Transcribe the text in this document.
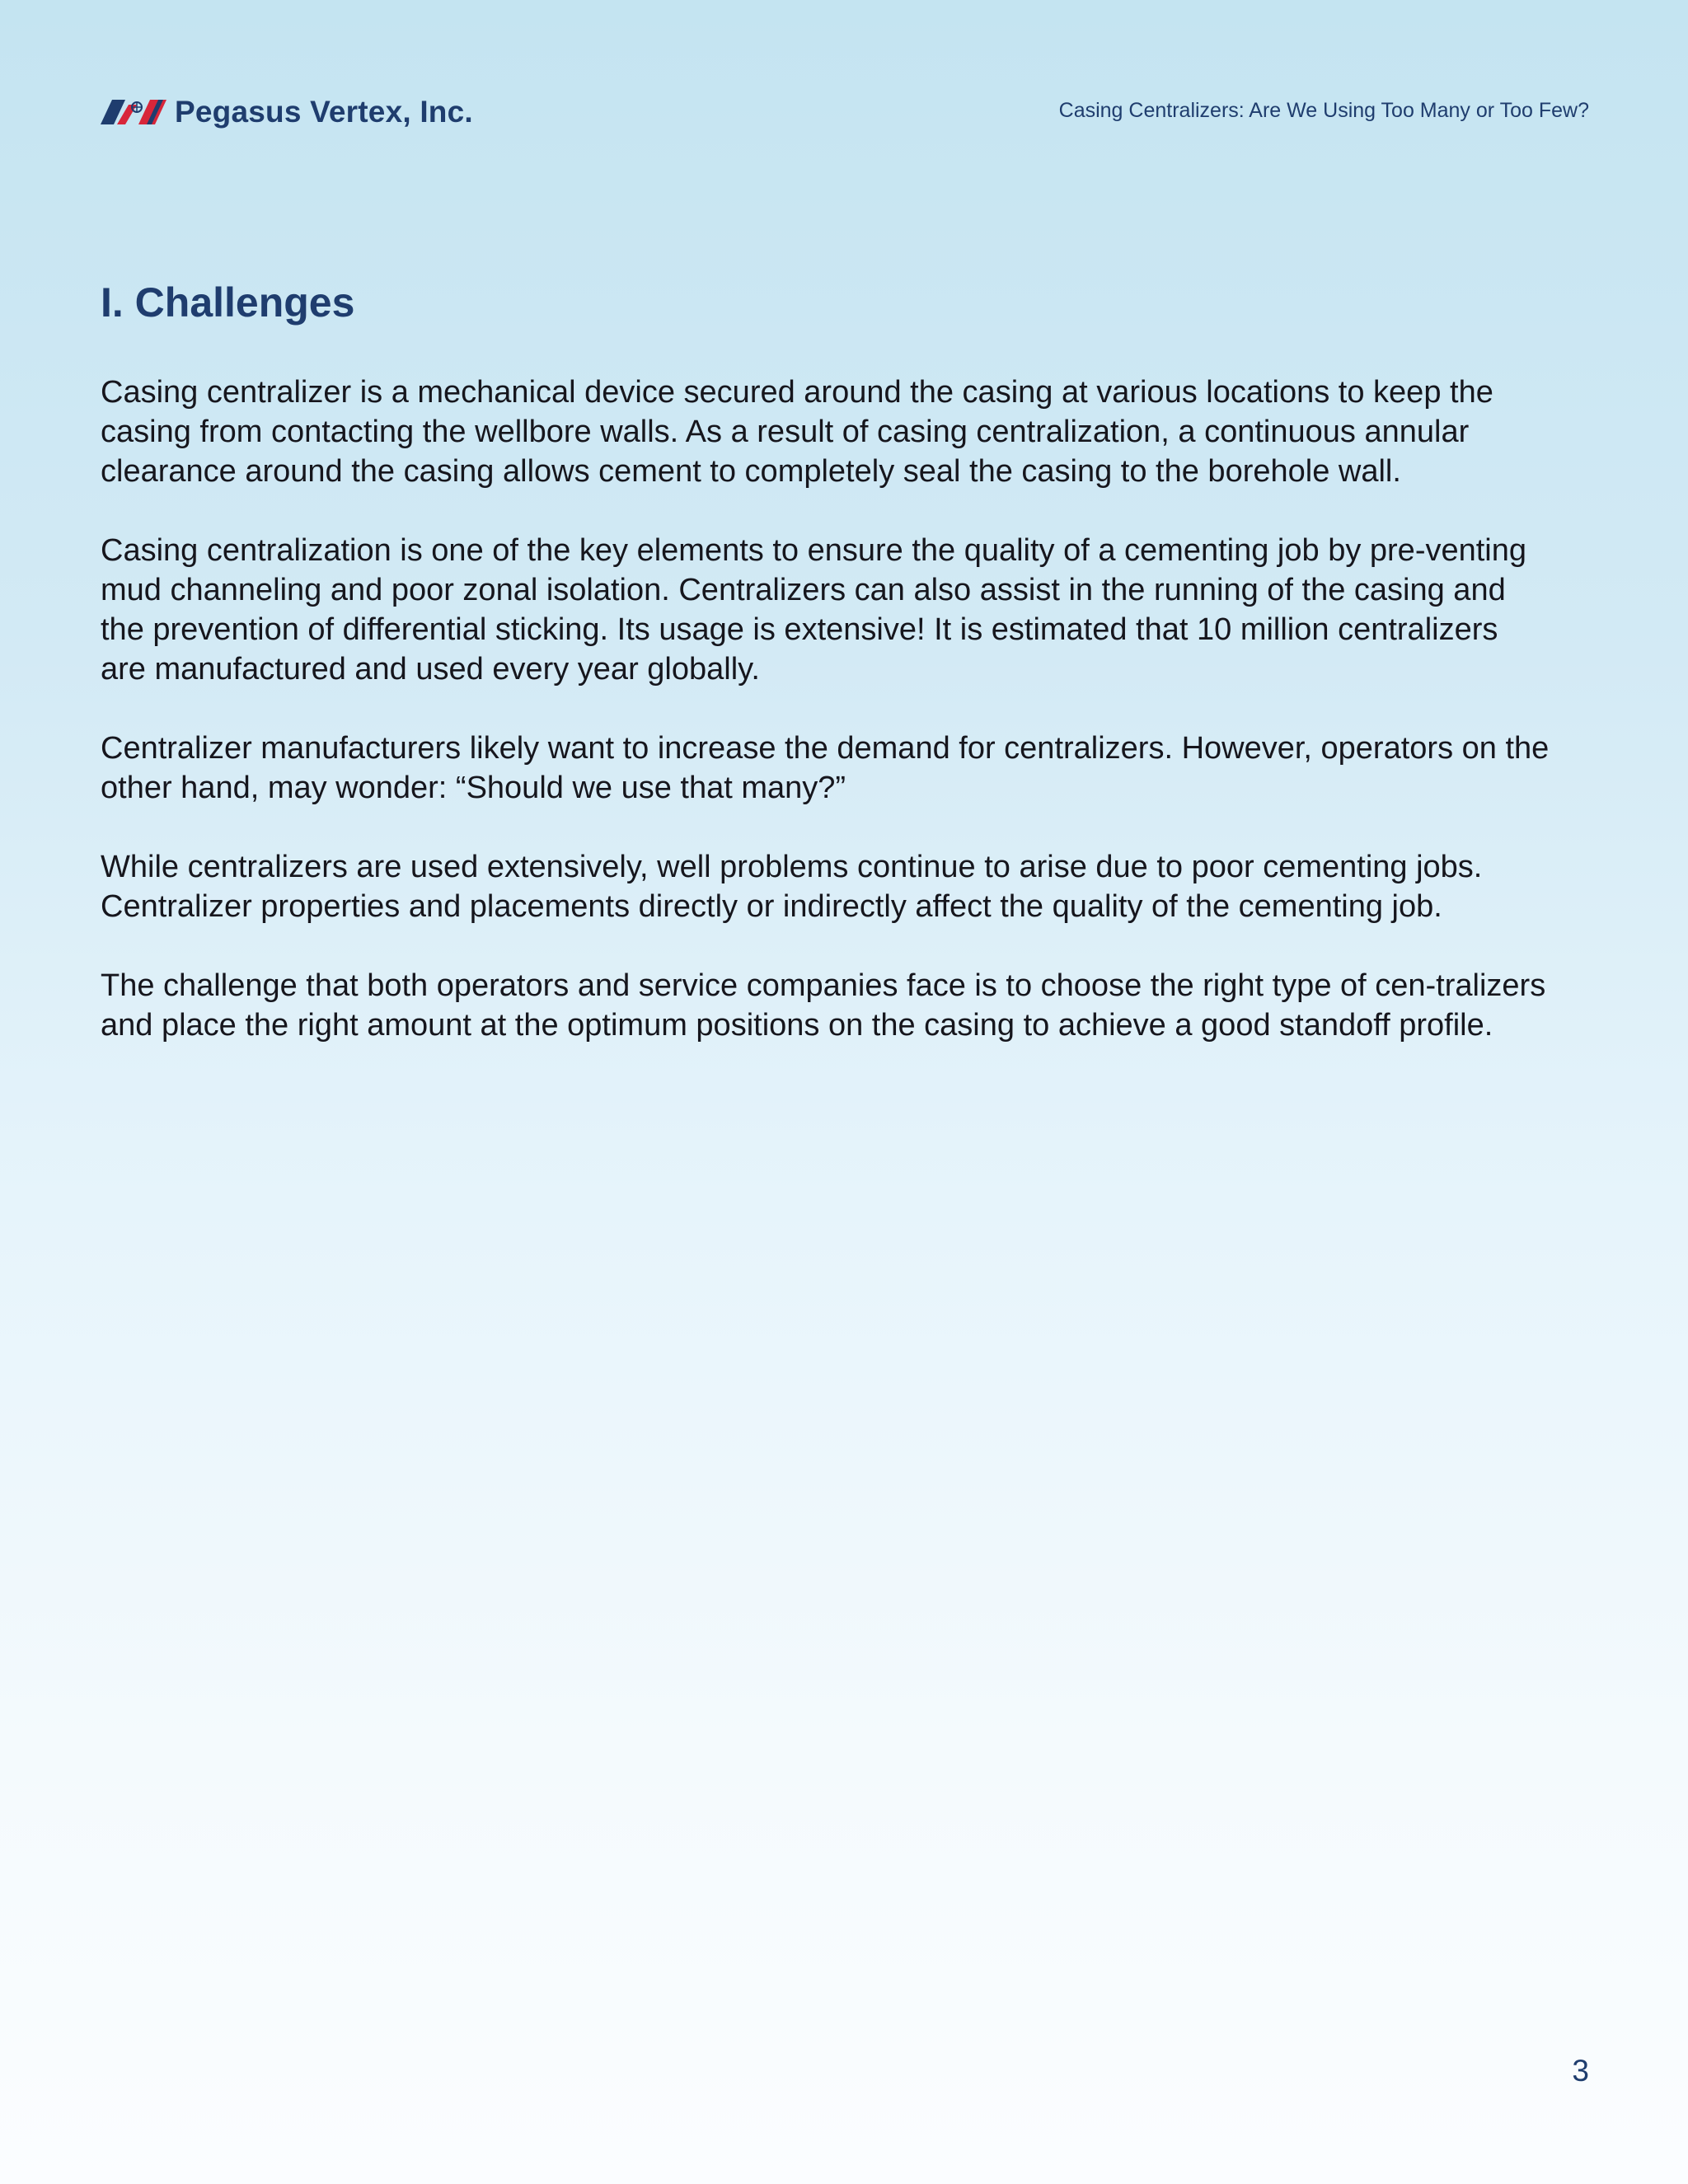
Pegasus Vertex, Inc.	Casing Centralizers: Are We Using Too Many or Too Few?
I. Challenges

Casing centralizer is a mechanical device secured around the casing at various locations to keep the casing from contacting the wellbore walls. As a result of casing centralization, a continuous annular clearance around the casing allows cement to completely seal the casing to the borehole wall.

Casing centralization is one of the key elements to ensure the quality of a cementing job by pre-venting mud channeling and poor zonal isolation. Centralizers can also assist in the running of the casing and the prevention of differential sticking. Its usage is extensive! It is estimated that 10 million centralizers are manufactured and used every year globally.

Centralizer manufacturers likely want to increase the demand for centralizers. However, operators on the other hand, may wonder: “Should we use that many?”

While centralizers are used extensively, well problems continue to arise due to poor cementing jobs. Centralizer properties and placements directly or indirectly affect the quality of the cementing job.

The challenge that both operators and service companies face is to choose the right type of cen-tralizers and place the right amount at the optimum positions on the casing to achieve a good standoff profile.

3
